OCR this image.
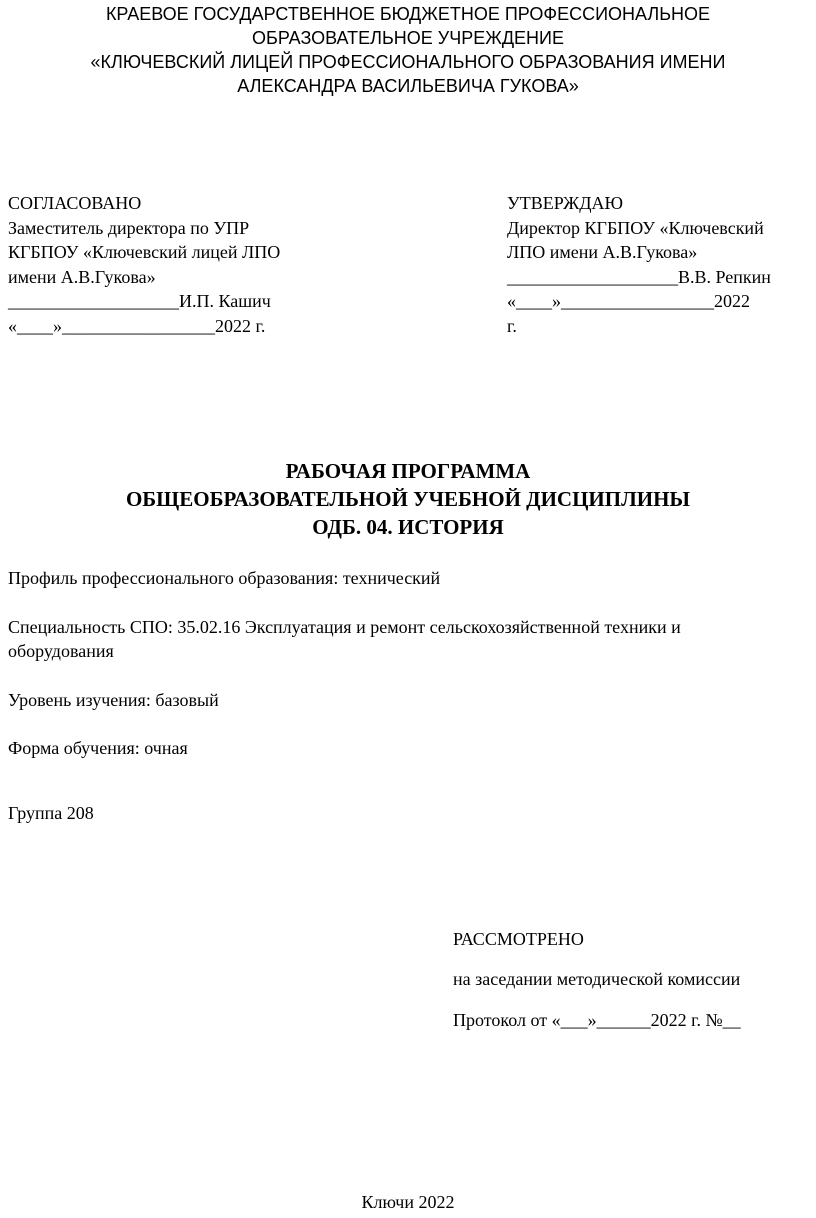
КРАЕВОЕ ГОСУДАРСТВЕННОЕ БЮДЖЕТНОЕ ПРОФЕССИОНАЛЬНОЕ
ОБРАЗОВАТЕЛЬНОЕ УЧРЕЖДЕНИЕ
«КЛЮЧЕВСКИЙ ЛИЦЕЙ ПРОФЕССИОНАЛЬНОГО ОБРАЗОВАНИЯ ИМЕНИ
АЛЕКСАНДРА ВАСИЛЬЕВИЧА ГУКОВА»
СОГЛАСОВАНО
Заместитель директора по УПР
КГБПОУ «Ключевский лицей ЛПО
имени А.В.Гукова»
___________________И.П. Кашич
«____»_________________2022 г.
УТВЕРЖДАЮ
Директор КГБПОУ «Ключевский
ЛПО имени А.В.Гукова»
___________________В.В. Репкин
«____»_________________2022
г.
РАБОЧАЯ ПРОГРАММА
ОБЩЕОБРАЗОВАТЕЛЬНОЙ УЧЕБНОЙ ДИСЦИПЛИНЫ
ОДБ. 04. ИСТОРИЯ
Профиль профессионального образования: технический
Специальность СПО: 35.02.16 Эксплуатация и ремонт сельскохозяйственной техники и
оборудования
Уровень изучения: базовый
Форма обучения: очная
Группа 208
РАССМОТРЕНО
на заседании методической комиссии
Протокол от «___»______2022 г. №__
Ключи 2022
